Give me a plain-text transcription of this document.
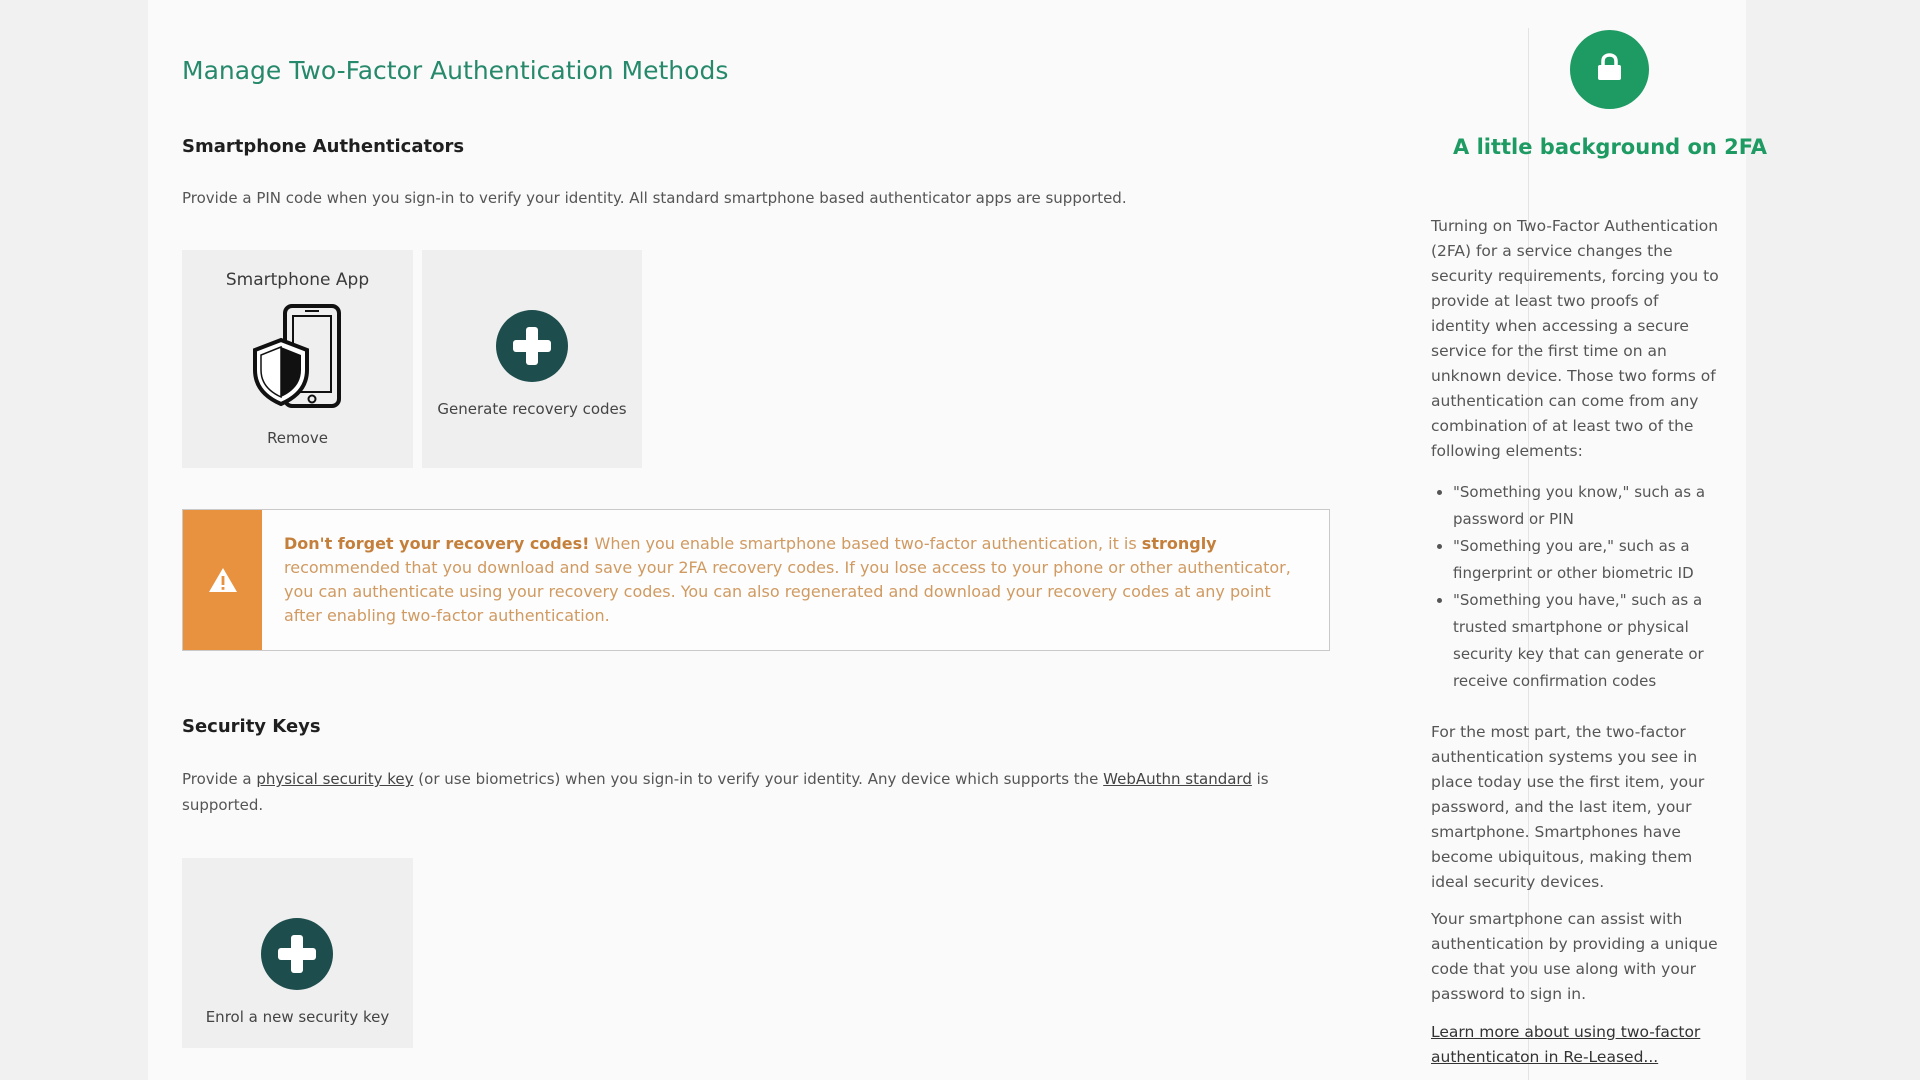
Manage Two-Factor Authentication Methods
Smartphone Authenticators

Provide a PIN code when you sign-in to verify your identity. All standard smartphone based authenticator apps are supported.

Smartphone App
Remove
Generate recovery codes
Don't forget your recovery codes! When you enable smartphone based two-factor authentication, it is strongly recommended that you download and save your 2FA recovery codes. If you lose access to your phone or other authenticator, you can authenticate using your recovery codes. You can also regenerated and download your recovery codes at any point after enabling two-factor authentication.
Security Keys

Provide a physical security key (or use biometrics) when you sign-in to verify your identity. Any device which supports the WebAuthn standard is supported.

Enrol a new security key
A little background on 2FA

Turning on Two-Factor Authentication (2FA) for a service changes the security requirements, forcing you to provide at least two proofs of identity when accessing a secure service for the first time on an unknown device. Those two forms of authentication can come from any combination of at least two of the following elements:

• "Something you know," such as a password or PIN
• "Something you are," such as a fingerprint or other biometric ID
• "Something you have," such as a trusted smartphone or physical security key that can generate or receive confirmation codes

For the most part, the two-factor authentication systems you see in place today use the first item, your password, and the last item, your smartphone. Smartphones have become ubiquitous, making them ideal security devices.

Your smartphone can assist with authentication by providing a unique code that you use along with your password to sign in.

Learn more about using two-factor authenticaton in Re-Leased...
